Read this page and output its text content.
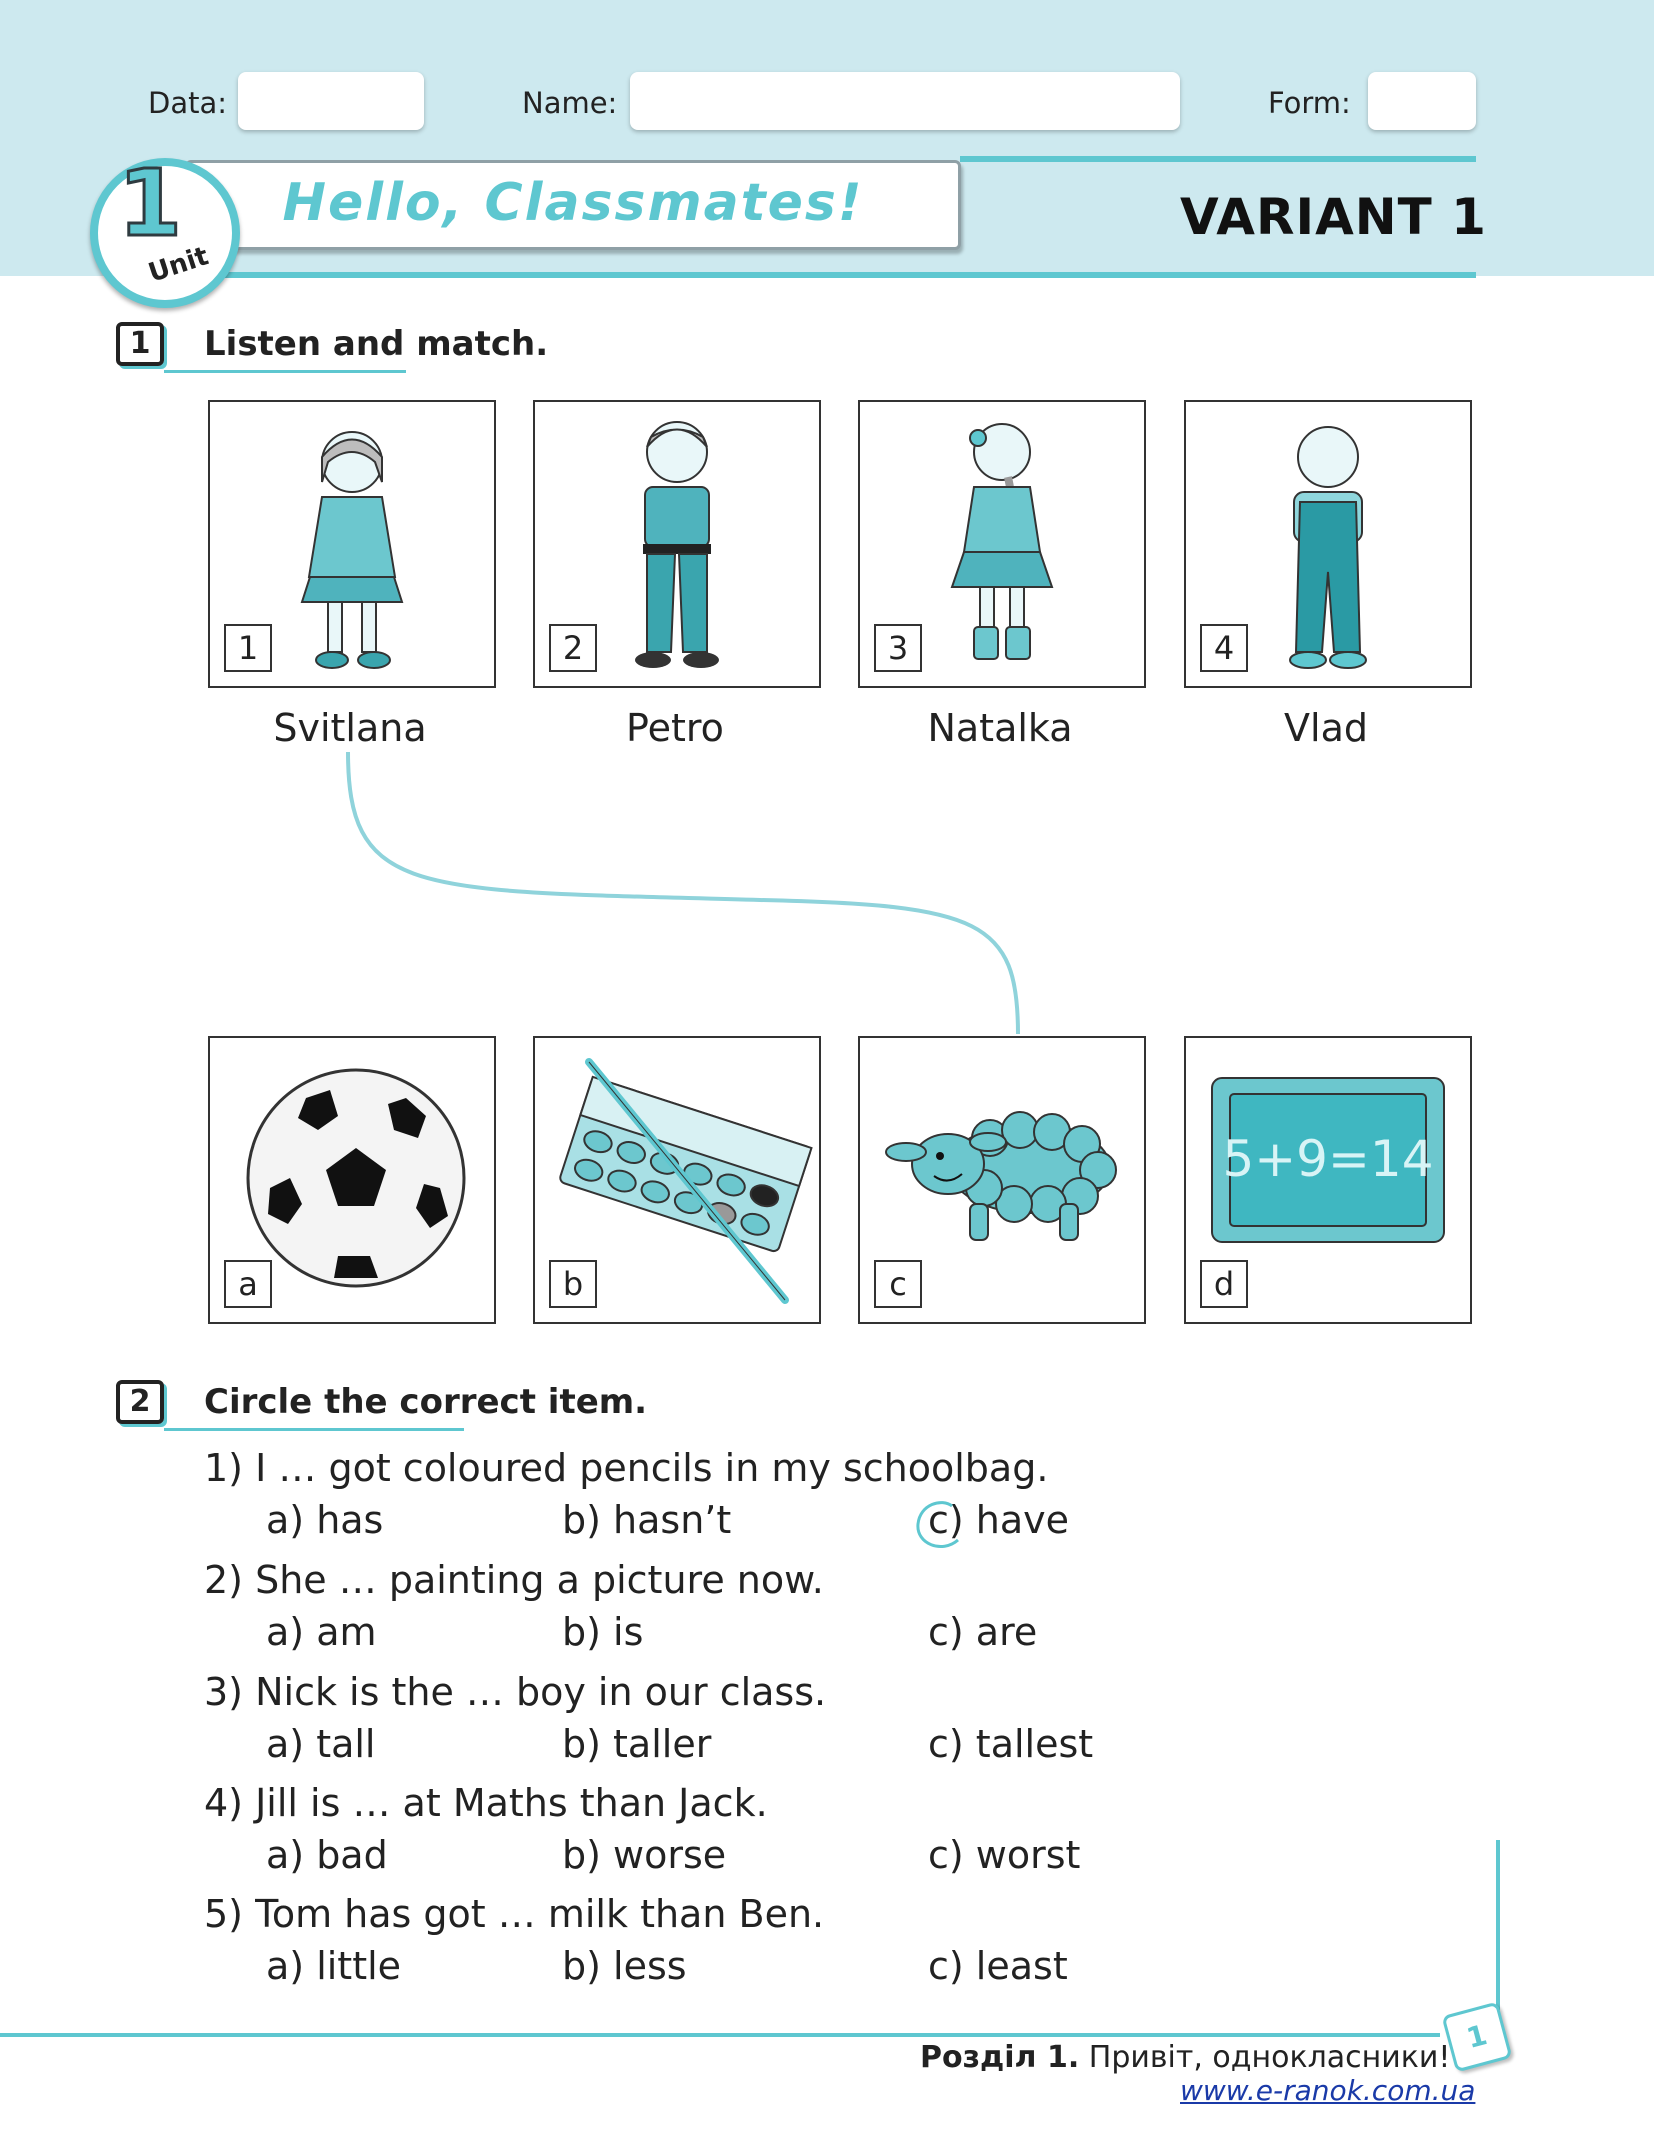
Data:	Name:	Form:
Hello, Classmates!
1
Unit
VARIANT 1
1	Listen and match.
1	2	3	4
Svitlana	Petro	Natalka	Vlad
a	b	c
5+9=14
d
2	Circle the correct item.
1) I … got coloured pencils in my schoolbag.
a) has	b) hasn’t	c) have
2) She … painting a picture now.
a) am	b) is	c) are
3) Nick is the … boy in our class.
a) tall	b) taller	c) tallest
4) Jill is … at Maths than Jack.
a) bad	b) worse	c) worst
5) Tom has got … milk than Ben.
a) little	b) less	c) least
1
Розділ 1. Привіт, однокласники!
www.e-ranok.com.ua
